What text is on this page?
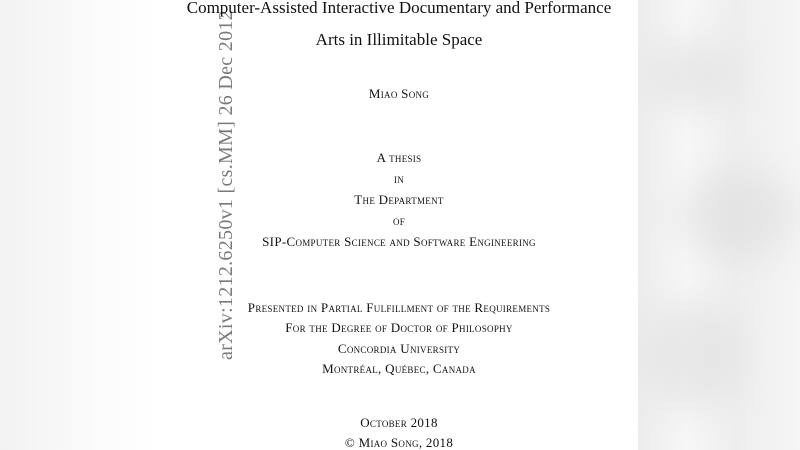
arXiv:1212.6250v1 [cs.MM] 26 Dec 2012
Computer-Assisted Interactive Documentary and Performance
Arts in Illimitable Space
Miao Song
A thesis
in
The Department
of
SIP-Computer Science and Software Engineering
Presented in Partial Fulfillment of the Requirements
For the Degree of Doctor of Philosophy
Concordia University
Montréal, Québec, Canada
October 2018
© Miao Song, 2018
